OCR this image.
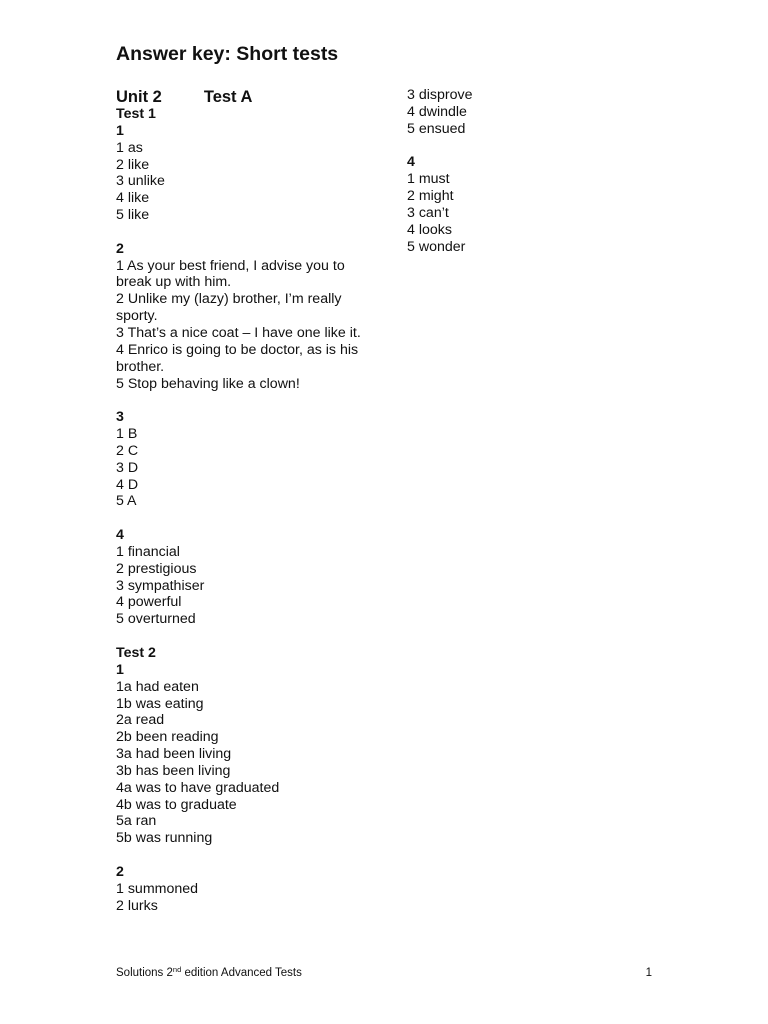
Answer key: Short tests
Unit 2	Test A
Test 1
1
1 as
2 like
3 unlike
4 like
5 like
2
1 As your best friend, I advise you to break up with him.
2 Unlike my (lazy) brother, I’m really sporty.
3 That’s a nice coat – I have one like it.
4 Enrico is going to be doctor, as is his brother.
5 Stop behaving like a clown!
3
1 B
2 C
3 D
4 D
5 A
4
1 financial
2 prestigious
3 sympathiser
4 powerful
5 overturned
Test 2
1
1a had eaten
1b was eating
2a read
2b been reading
3a had been living
3b has been living
4a was to have graduated
4b was to graduate
5a ran
5b was running
2
1 summoned
2 lurks
3 disprove
4 dwindle
5 ensued
4
1 must
2 might
3 can’t
4 looks
5 wonder
Solutions 2nd edition Advanced Tests	1
